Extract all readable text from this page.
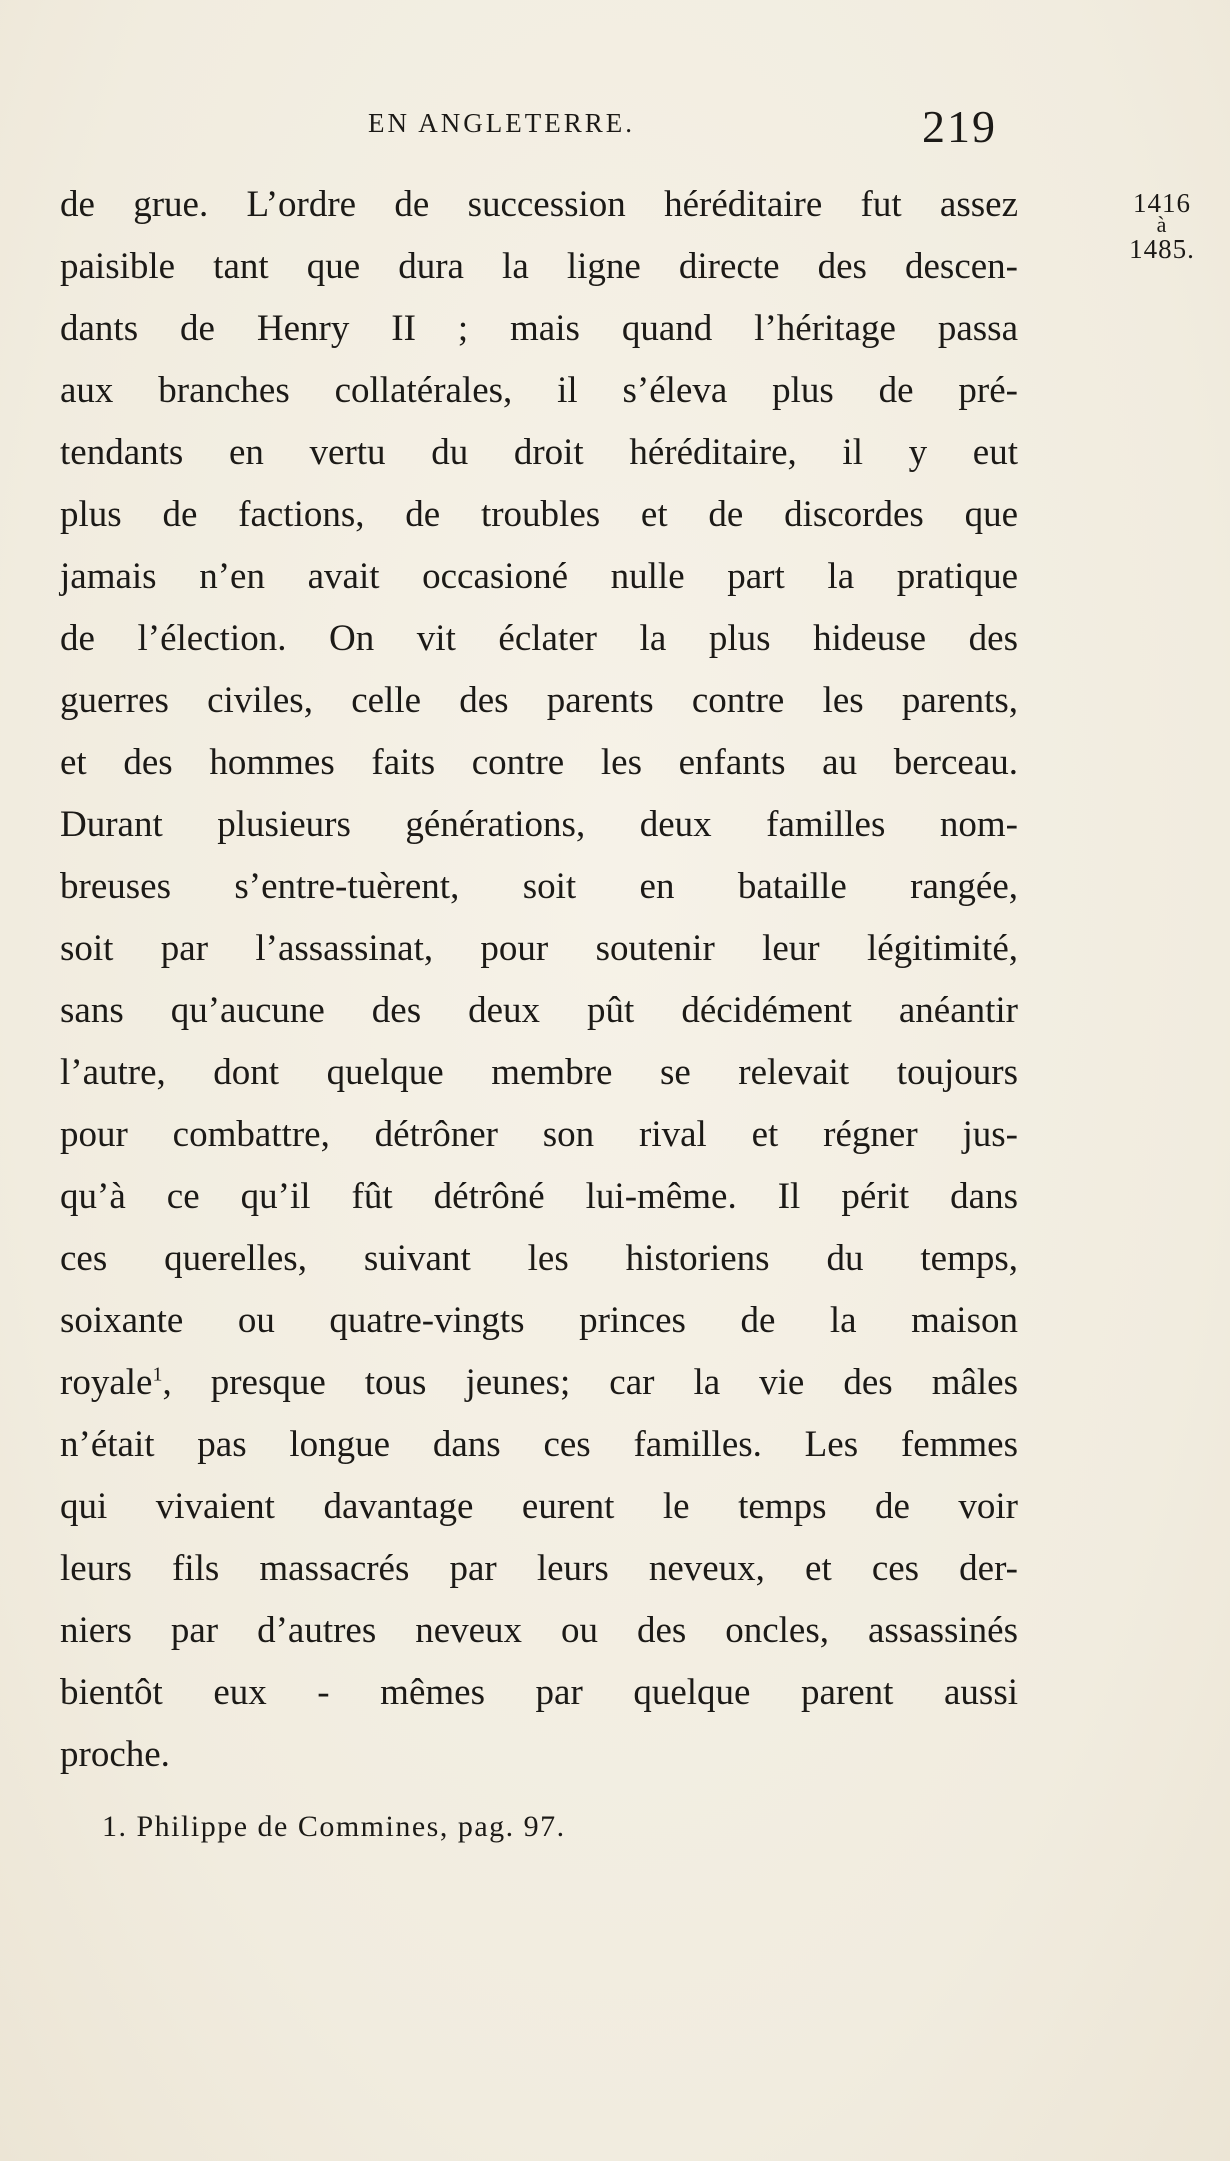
EN ANGLETERRE.	219
1416
à
1485.
de grue. L’ordre de succession héréditaire fut assez
paisible tant que dura la ligne directe des descen-
dants de Henry II ; mais quand l’héritage passa
aux branches collatérales, il s’éleva plus de pré-
tendants en vertu du droit héréditaire, il y eut
plus de factions, de troubles et de discordes que
jamais n’en avait occasioné nulle part la pratique
de l’élection. On vit éclater la plus hideuse des
guerres civiles, celle des parents contre les parents,
et des hommes faits contre les enfants au berceau.
Durant plusieurs générations, deux familles nom-
breuses s’entre-tuèrent, soit en bataille rangée,
soit par l’assassinat, pour soutenir leur légitimité,
sans qu’aucune des deux pût décidément anéantir
l’autre, dont quelque membre se relevait toujours
pour combattre, détrôner son rival et régner jus-
qu’à ce qu’il fût détrôné lui-même. Il périt dans
ces querelles, suivant les historiens du temps,
soixante ou quatre-vingts princes de la maison
royale$^1$, presque tous jeunes; car la vie des mâles
n’était pas longue dans ces familles. Les femmes
qui vivaient davantage eurent le temps de voir
leurs fils massacrés par leurs neveux, et ces der-
niers par d’autres neveux ou des oncles, assassinés
bientôt eux - mêmes par quelque parent aussi
proche.
1. Philippe de Commines, pag. 97.
